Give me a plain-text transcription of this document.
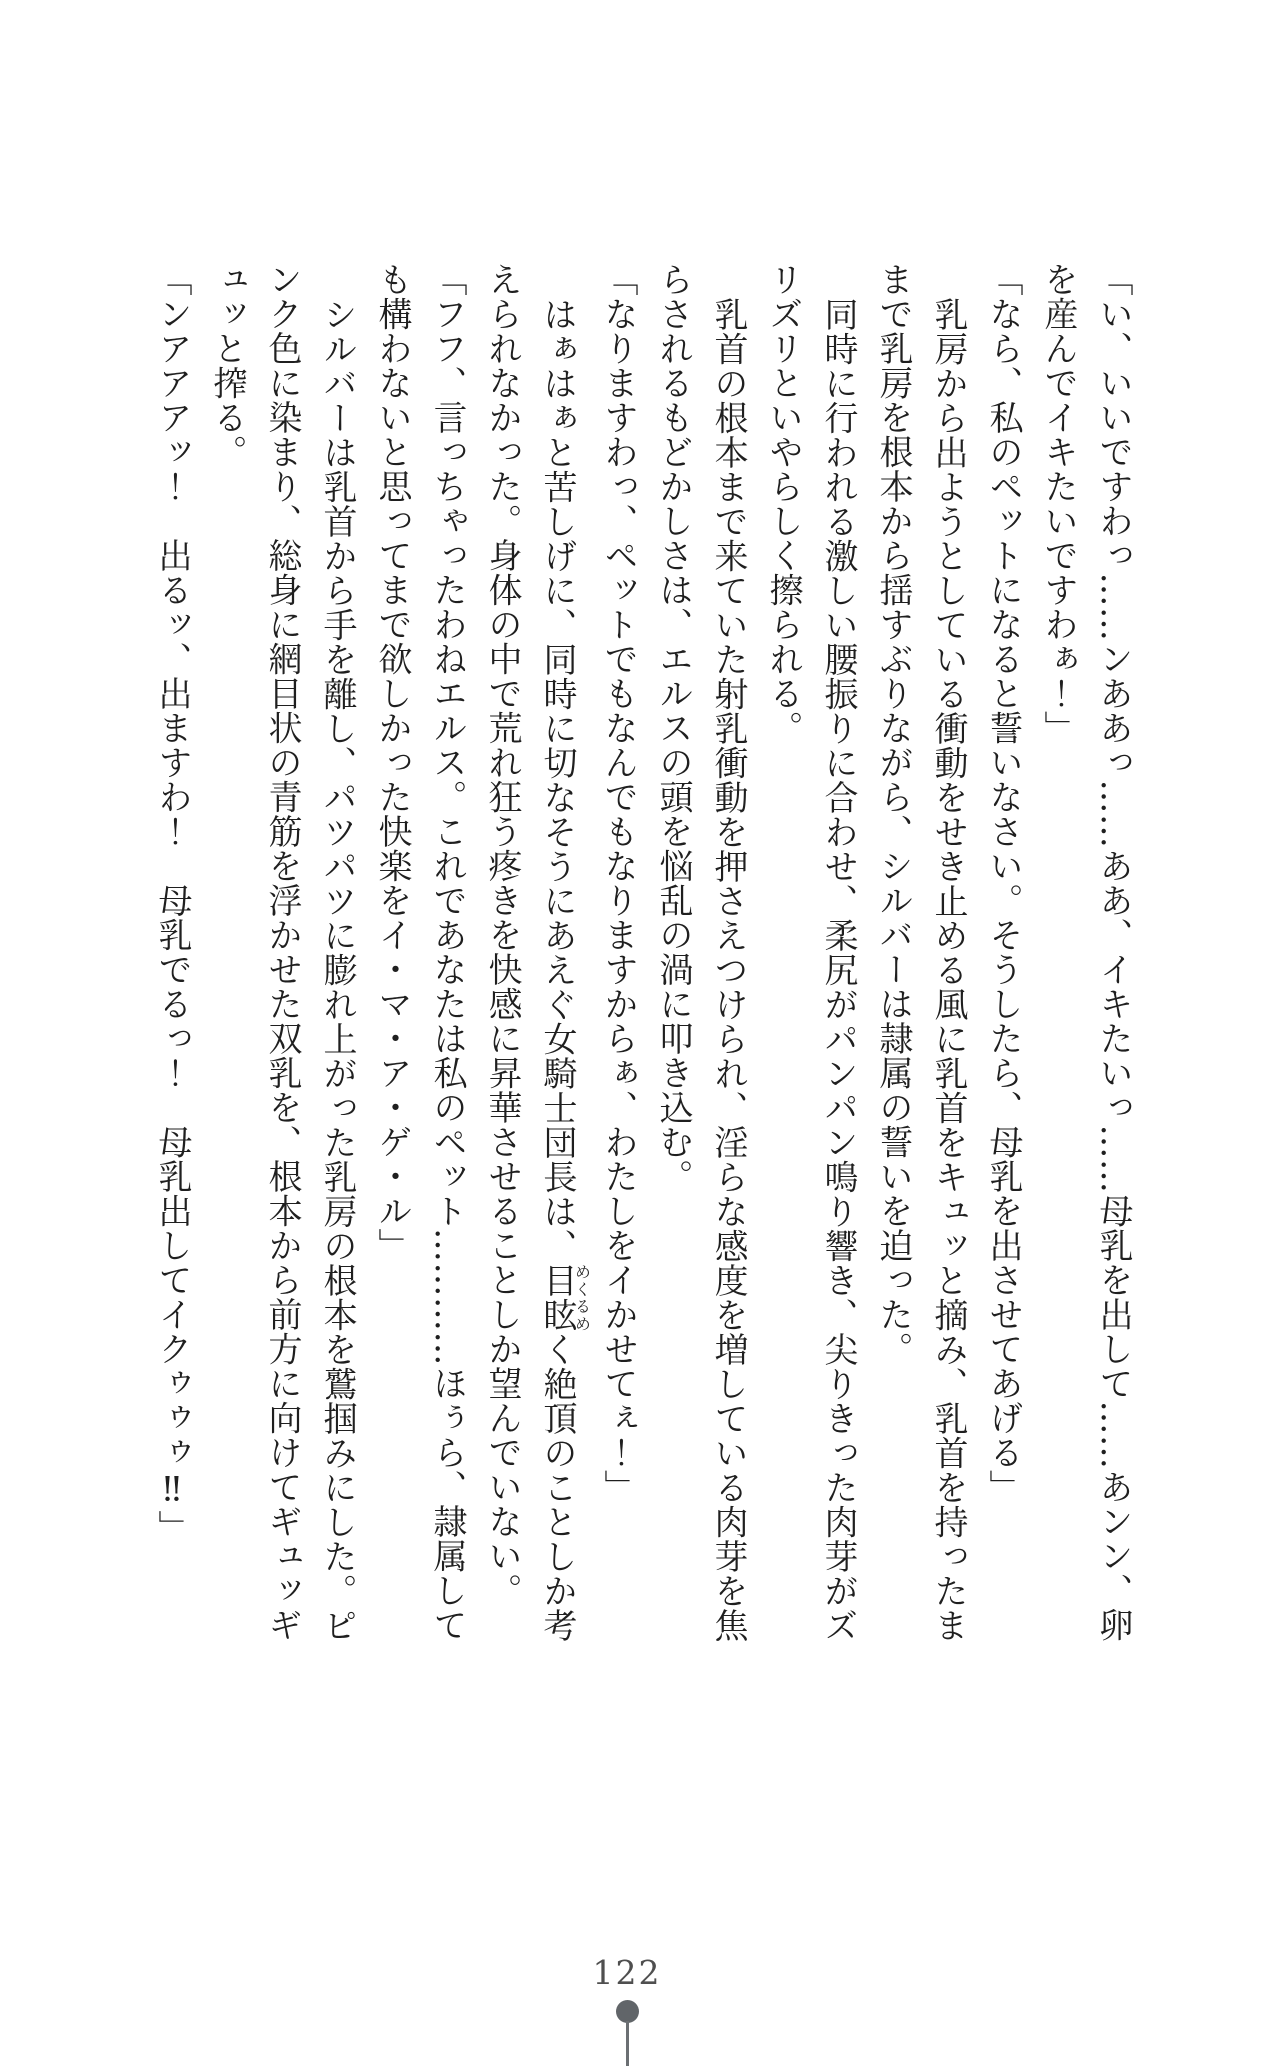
「い、いいですわっ……ンああっ……ああ、イキたいっ……母乳を出して……あンン、卵

を産んでイキたいですわぁ！」

「なら、私のペットになると誓いなさい。そうしたら、母乳を出させてあげる」

乳房から出ようとしている衝動をせき止める風に乳首をキュッと摘み、乳首を持ったま

まで乳房を根本から揺すぶりながら、シルバーは隷属の誓いを迫った。

同時に行われる激しい腰振りに合わせ、柔尻がパンパン鳴り響き、尖りきった肉芽がズ

リズリといやらしく擦られる。

乳首の根本まで来ていた射乳衝動を押さえつけられ、淫らな感度を増している肉芽を焦

らされるもどかしさは、エルスの頭を悩乱の渦に叩き込む。

「なりますわっ、ペットでもなんでもなりますからぁ、わたしをイかせてぇ！」

はぁはぁと苦しげに、同時に切なそうにあえぐ女騎士団長は、目眩めくるめく絶頂のことしか考

えられなかった。身体の中で荒れ狂う疼きを快感に昇華させることしか望んでいない。

「フフ、言っちゃったわねエルス。これであなたは私のペット…………ほぅら、隷属して

も構わないと思ってまで欲しかった快楽をイ・マ・ア・ゲ・ル」

シルバーは乳首から手を離し、パツパツに膨れ上がった乳房の根本を鷲掴みにした。ピ

ンク色に染まり、総身に網目状の青筋を浮かせた双乳を、根本から前方に向けてギュッギ

ュッと搾る。

「ンアアアッ！　出るッ、出ますわ！　母乳でるっ！　母乳出してイクゥゥゥ‼」

122
